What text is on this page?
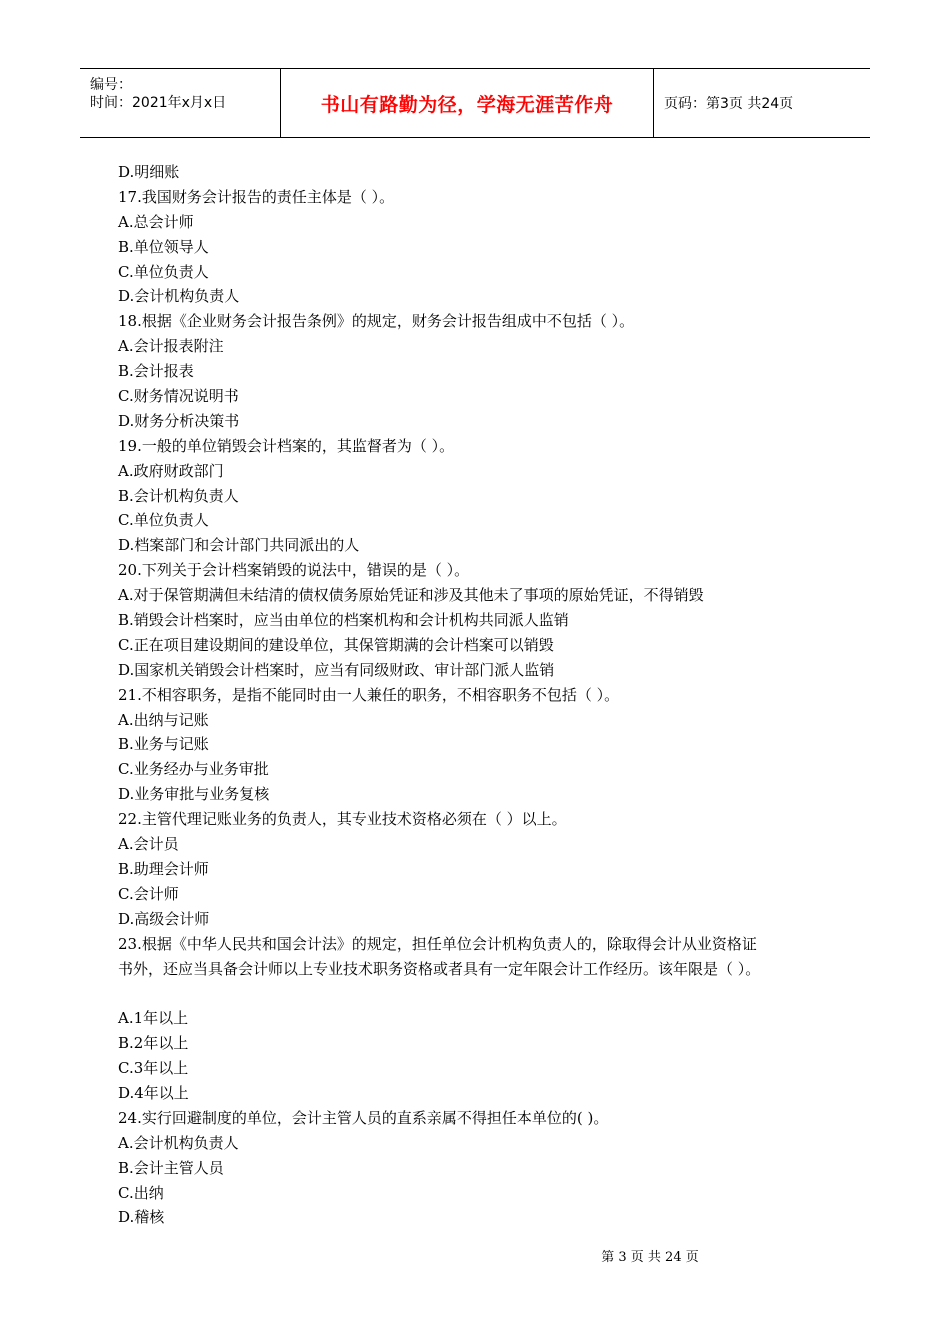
编号：
时间：2021年x月x日	书山有路勤为径，学海无涯苦作舟	页码：第3页 共24页
D.明细账
17.我国财务会计报告的责任主体是（ ）。
A.总会计师
B.单位领导人
C.单位负责人
D.会计机构负责人
18.根据《企业财务会计报告条例》的规定，财务会计报告组成中不包括（ ）。
A.会计报表附注
B.会计报表
C.财务情况说明书
D.财务分析决策书
19.一般的单位销毁会计档案的，其监督者为（ ）。
A.政府财政部门
B.会计机构负责人
C.单位负责人
D.档案部门和会计部门共同派出的人
20.下列关于会计档案销毁的说法中，错误的是（ ）。
A.对于保管期满但未结清的债权债务原始凭证和涉及其他未了事项的原始凭证，不得销毁
B.销毁会计档案时，应当由单位的档案机构和会计机构共同派人监销
C.正在项目建设期间的建设单位，其保管期满的会计档案可以销毁
D.国家机关销毁会计档案时，应当有同级财政、审计部门派人监销
21.不相容职务，是指不能同时由一人兼任的职务，不相容职务不包括（ ）。
A.出纳与记账
B.业务与记账
C.业务经办与业务审批
D.业务审批与业务复核
22.主管代理记账业务的负责人，其专业技术资格必须在（ ）以上。
A.会计员
B.助理会计师
C.会计师
D.高级会计师
23.根据《中华人民共和国会计法》的规定，担任单位会计机构负责人的，除取得会计从业资格证
书外，还应当具备会计师以上专业技术职务资格或者具有一定年限会计工作经历。该年限是（ ）。

A.1年以上
B.2年以上
C.3年以上
D.4年以上
24.实行回避制度的单位，会计主管人员的直系亲属不得担任本单位的( )。
A.会计机构负责人
B.会计主管人员
C.出纳
D.稽核
第 3 页 共 24 页
